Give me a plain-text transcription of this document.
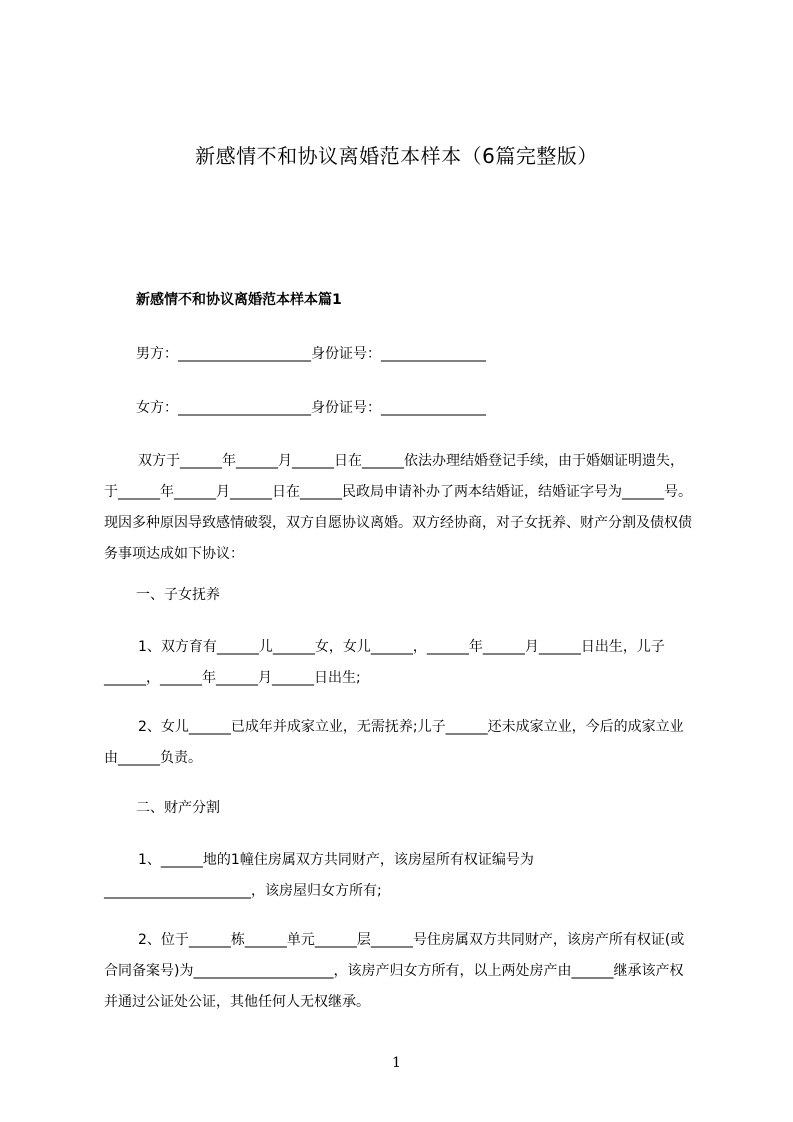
新感情不和协议离婚范本样本（6篇完整版）
新感情不和协议离婚范本样本篇1
男方：___________________身份证号：_______________
女方：___________________身份证号：_______________
双方于______年______月______日在______依法办理结婚登记手续，由于婚姻证明遗失，于______年______月______日在______民政局申请补办了两本结婚证，结婚证字号为______号。现因多种原因导致感情破裂，双方自愿协议离婚。双方经协商，对子女抚养、财产分割及债权债务事项达成如下协议：
一、子女抚养
1、双方育有______儿______女，女儿______，______年______月______日出生，儿子______，______年______月______日出生;
2、女儿______已成年并成家立业，无需抚养;儿子______还未成家立业，今后的成家立业由______负责。
二、财产分割
1、______地的1幢住房属双方共同财产，该房屋所有权证编号为_____________________，该房屋归女方所有;
2、位于______栋______单元______层______号住房属双方共同财产，该房产所有权证(或合同备案号)为____________________，该房产归女方所有，以上两处房产由______继承该产权并通过公证处公证，其他任何人无权继承。
1
